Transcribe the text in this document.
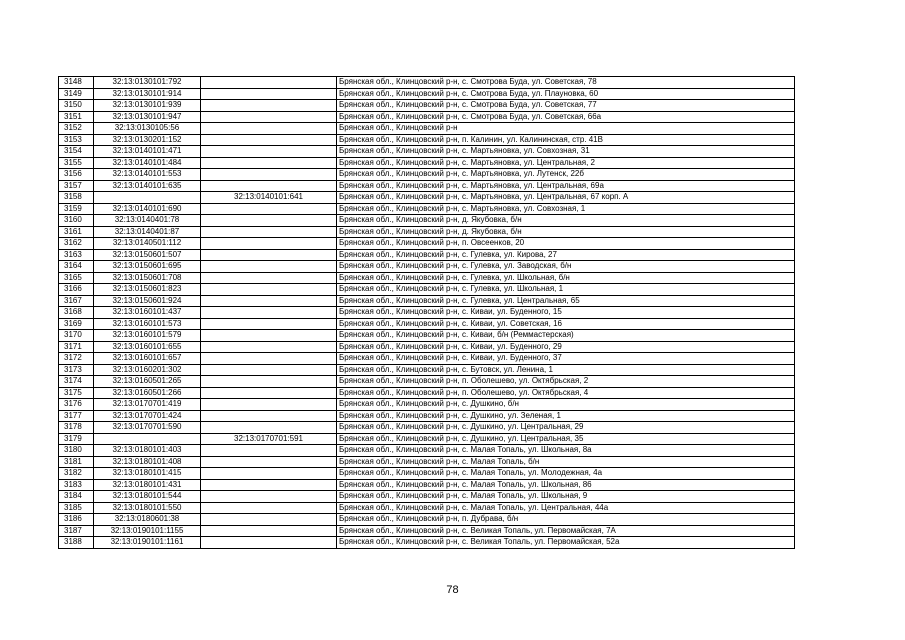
3148	32:13:0130101:792		Брянская обл., Клинцовский р-н, с. Смотрова Буда, ул. Советская, 78
3149	32:13:0130101:914		Брянская обл., Клинцовский р-н, с. Смотрова Буда, ул. Плауновка, 60
3150	32:13:0130101:939		Брянская обл., Клинцовский р-н, с. Смотрова Буда, ул. Советская, 77
3151	32:13:0130101:947		Брянская обл., Клинцовский р-н, с. Смотрова Буда, ул. Советская, 66а
3152	32:13:0130105:56		Брянская обл., Клинцовский р-н
3153	32:13:0130201:152		Брянская обл., Клинцовский р-н, п. Калинин, ул. Калининская, стр. 41В
3154	32:13:0140101:471		Брянская обл., Клинцовский р-н, с. Мартьяновка, ул. Совхозная, 31
3155	32:13:0140101:484		Брянская обл., Клинцовский р-н, с. Мартьяновка, ул. Центральная, 2
3156	32:13:0140101:553		Брянская обл., Клинцовский р-н, с. Мартьяновка, ул. Лутенск, 22б
3157	32:13:0140101:635		Брянская обл., Клинцовский р-н, с. Мартьяновка, ул. Центральная, 69а
3158		32:13:0140101:641	Брянская обл., Клинцовский р-н, с. Мартьяновка, ул. Центральная, 67 корп. А
3159	32:13:0140101:690		Брянская обл., Клинцовский р-н, с. Мартьяновка, ул. Совхозная, 1
3160	32:13:0140401:78		Брянская обл., Клинцовский р-н, д. Якубовка, б/н
3161	32:13:0140401:87		Брянская обл., Клинцовский р-н, д. Якубовка, б/н
3162	32:13:0140501:112		Брянская обл., Клинцовский р-н, п. Овсеенков, 20
3163	32:13:0150601:507		Брянская обл., Клинцовский р-н, с. Гулевка, ул. Кирова, 27
3164	32:13:0150601:695		Брянская обл., Клинцовский р-н, с. Гулевка, ул. Заводская, б/н
3165	32:13:0150601:708		Брянская обл., Клинцовский р-н, с. Гулевка, ул. Школьная, б/н
3166	32:13:0150601:823		Брянская обл., Клинцовский р-н, с. Гулевка, ул. Школьная, 1
3167	32:13:0150601:924		Брянская обл., Клинцовский р-н, с. Гулевка, ул. Центральная, 65
3168	32:13:0160101:437		Брянская обл., Клинцовский р-н, с. Киваи, ул. Буденного, 15
3169	32:13:0160101:573		Брянская обл., Клинцовский р-н, с. Киваи, ул. Советская, 16
3170	32:13:0160101:579		Брянская обл., Клинцовский р-н, с. Киваи, б/н (Реммастерская)
3171	32:13:0160101:655		Брянская обл., Клинцовский р-н, с. Киваи, ул. Буденного, 29
3172	32:13:0160101:657		Брянская обл., Клинцовский р-н, с. Киваи, ул. Буденного, 37
3173	32:13:0160201:302		Брянская обл., Клинцовский р-н, с. Бутовск, ул. Ленина, 1
3174	32:13:0160501:265		Брянская обл., Клинцовский р-н, п. Оболешево, ул. Октябрьская, 2
3175	32:13:0160501:266		Брянская обл., Клинцовский р-н, п. Оболешево, ул. Октябрьская, 4
3176	32:13:0170701:419		Брянская обл., Клинцовский р-н, с. Душкино, б/н
3177	32:13:0170701:424		Брянская обл., Клинцовский р-н, с. Душкино, ул. Зеленая, 1
3178	32:13:0170701:590		Брянская обл., Клинцовский р-н, с. Душкино, ул. Центральная, 29
3179		32:13:0170701:591	Брянская обл., Клинцовский р-н, с. Душкино, ул. Центральная, 35
3180	32:13:0180101:403		Брянская обл., Клинцовский р-н, с. Малая Топаль, ул. Школьная, 8а
3181	32:13:0180101:408		Брянская обл., Клинцовский р-н, с. Малая Топаль, б/н
3182	32:13:0180101:415		Брянская обл., Клинцовский р-н, с. Малая Топаль, ул. Молодежная, 4а
3183	32:13:0180101:431		Брянская обл., Клинцовский р-н, с. Малая Топаль, ул. Школьная, 86
3184	32:13:0180101:544		Брянская обл., Клинцовский р-н, с. Малая Топаль, ул. Школьная, 9
3185	32:13:0180101:550		Брянская обл., Клинцовский р-н, с. Малая Топаль, ул. Центральная, 44а
3186	32:13:0180601:38		Брянская обл., Клинцовский р-н, п. Дубрава, б/н
3187	32:13:0190101:1155		Брянская обл., Клинцовский р-н, с. Великая Топаль, ул. Первомайская, 7А
3188	32:13:0190101:1161		Брянская обл., Клинцовский р-н, с. Великая Топаль, ул. Первомайская, 52а
78
